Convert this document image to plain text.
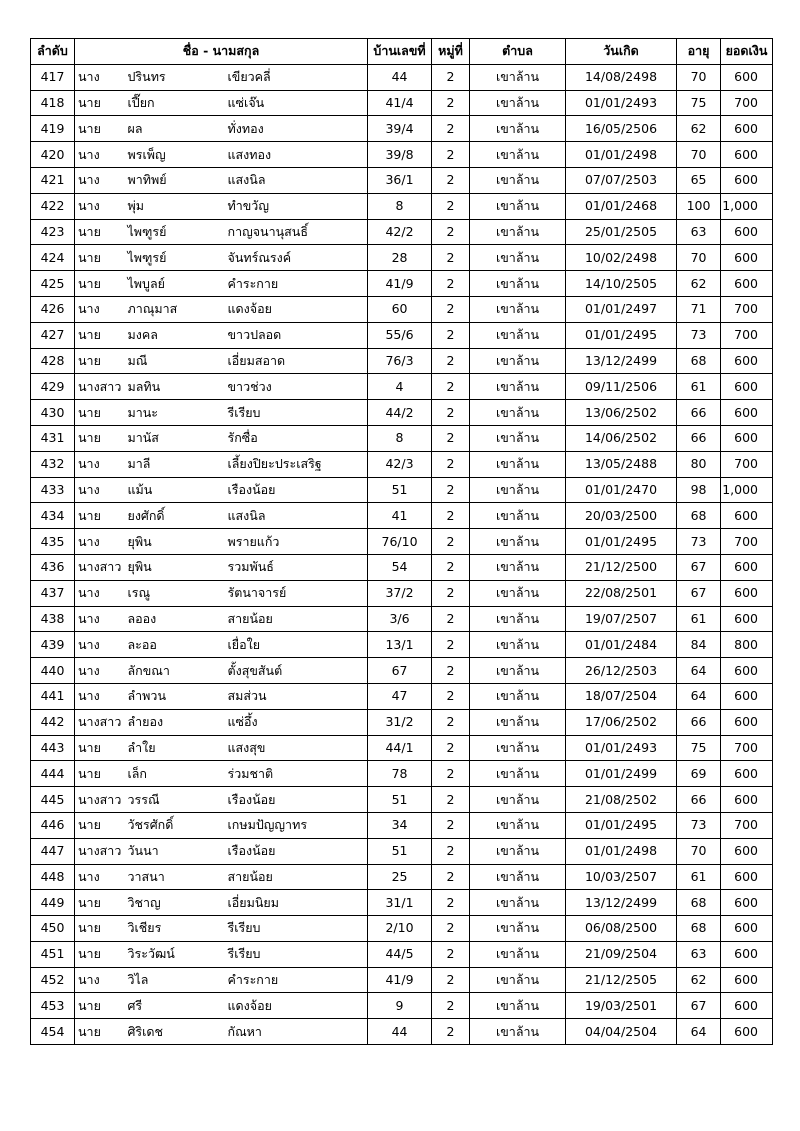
ลำดับ	ชื่อ - นามสกุล			บ้านเลขที่	หมู่ที่	ตำบล	วันเกิด	อายุ	ยอดเงิน
417	นาง	ปรินทร	เขียวคลี่	44	2	เขาล้าน	14/08/2498	70	600
418	นาย	เปี๊ยก	แซ่เจ๊น	41/4	2	เขาล้าน	01/01/2493	75	700
419	นาย	ผล	ทั่งทอง	39/4	2	เขาล้าน	16/05/2506	62	600
420	นาง	พรเพ็ญ	แสงทอง	39/8	2	เขาล้าน	01/01/2498	70	600
421	นาง	พาทิพย์	แสงนิล	36/1	2	เขาล้าน	07/07/2503	65	600
422	นาง	พุ่ม	ทำขวัญ	8	2	เขาล้าน	01/01/2468	100	1,000
423	นาย	ไพฑูรย์	กาญจนานุสนธิ์	42/2	2	เขาล้าน	25/01/2505	63	600
424	นาย	ไพฑูรย์	จันทร์ณรงค์	28	2	เขาล้าน	10/02/2498	70	600
425	นาย	ไพบูลย์	คำระกาย	41/9	2	เขาล้าน	14/10/2505	62	600
426	นาง	ภาณุมาส	แดงจ้อย	60	2	เขาล้าน	01/01/2497	71	700
427	นาย	มงคล	ขาวปลอด	55/6	2	เขาล้าน	01/01/2495	73	700
428	นาย	มณี	เอี่ยมสอาด	76/3	2	เขาล้าน	13/12/2499	68	600
429	นางสาว	มลทิน	ขาวช่วง	4	2	เขาล้าน	09/11/2506	61	600
430	นาย	มานะ	รีเรียบ	44/2	2	เขาล้าน	13/06/2502	66	600
431	นาย	มานัส	รักซื่อ	8	2	เขาล้าน	14/06/2502	66	600
432	นาง	มาลี	เลี้ยงปิยะประเสริฐ	42/3	2	เขาล้าน	13/05/2488	80	700
433	นาง	แม้น	เรืองน้อย	51	2	เขาล้าน	01/01/2470	98	1,000
434	นาย	ยงศักดิ์	แสงนิล	41	2	เขาล้าน	20/03/2500	68	600
435	นาง	ยุพิน	พรายแก้ว	76/10	2	เขาล้าน	01/01/2495	73	700
436	นางสาว	ยุพิน	รวมพันธ์	54	2	เขาล้าน	21/12/2500	67	600
437	นาง	เรณู	รัตนาจารย์	37/2	2	เขาล้าน	22/08/2501	67	600
438	นาง	ลออง	สายน้อย	3/6	2	เขาล้าน	19/07/2507	61	600
439	นาง	ละออ	เยื่อใย	13/1	2	เขาล้าน	01/01/2484	84	800
440	นาง	ลักขณา	ตั้งสุขสันต์	67	2	เขาล้าน	26/12/2503	64	600
441	นาง	ลำพวน	สมส่วน	47	2	เขาล้าน	18/07/2504	64	600
442	นางสาว	ลำยอง	แซ่อึ้ง	31/2	2	เขาล้าน	17/06/2502	66	600
443	นาย	ลำใย	แสงสุข	44/1	2	เขาล้าน	01/01/2493	75	700
444	นาย	เล็ก	ร่วมชาติ	78	2	เขาล้าน	01/01/2499	69	600
445	นางสาว	วรรณี	เรืองน้อย	51	2	เขาล้าน	21/08/2502	66	600
446	นาย	วัชรศักดิ์	เกษมปัญญาทร	34	2	เขาล้าน	01/01/2495	73	700
447	นางสาว	วันนา	เรืองน้อย	51	2	เขาล้าน	01/01/2498	70	600
448	นาง	วาสนา	สายน้อย	25	2	เขาล้าน	10/03/2507	61	600
449	นาย	วิชาญ	เอี่ยมนิยม	31/1	2	เขาล้าน	13/12/2499	68	600
450	นาย	วิเชียร	รีเรียบ	2/10	2	เขาล้าน	06/08/2500	68	600
451	นาย	วิระวัฒน์	รีเรียบ	44/5	2	เขาล้าน	21/09/2504	63	600
452	นาง	วิไล	คำระกาย	41/9	2	เขาล้าน	21/12/2505	62	600
453	นาย	ศรี	แดงจ้อย	9	2	เขาล้าน	19/03/2501	67	600
454	นาย	ศิริเดช	กัณหา	44	2	เขาล้าน	04/04/2504	64	600
